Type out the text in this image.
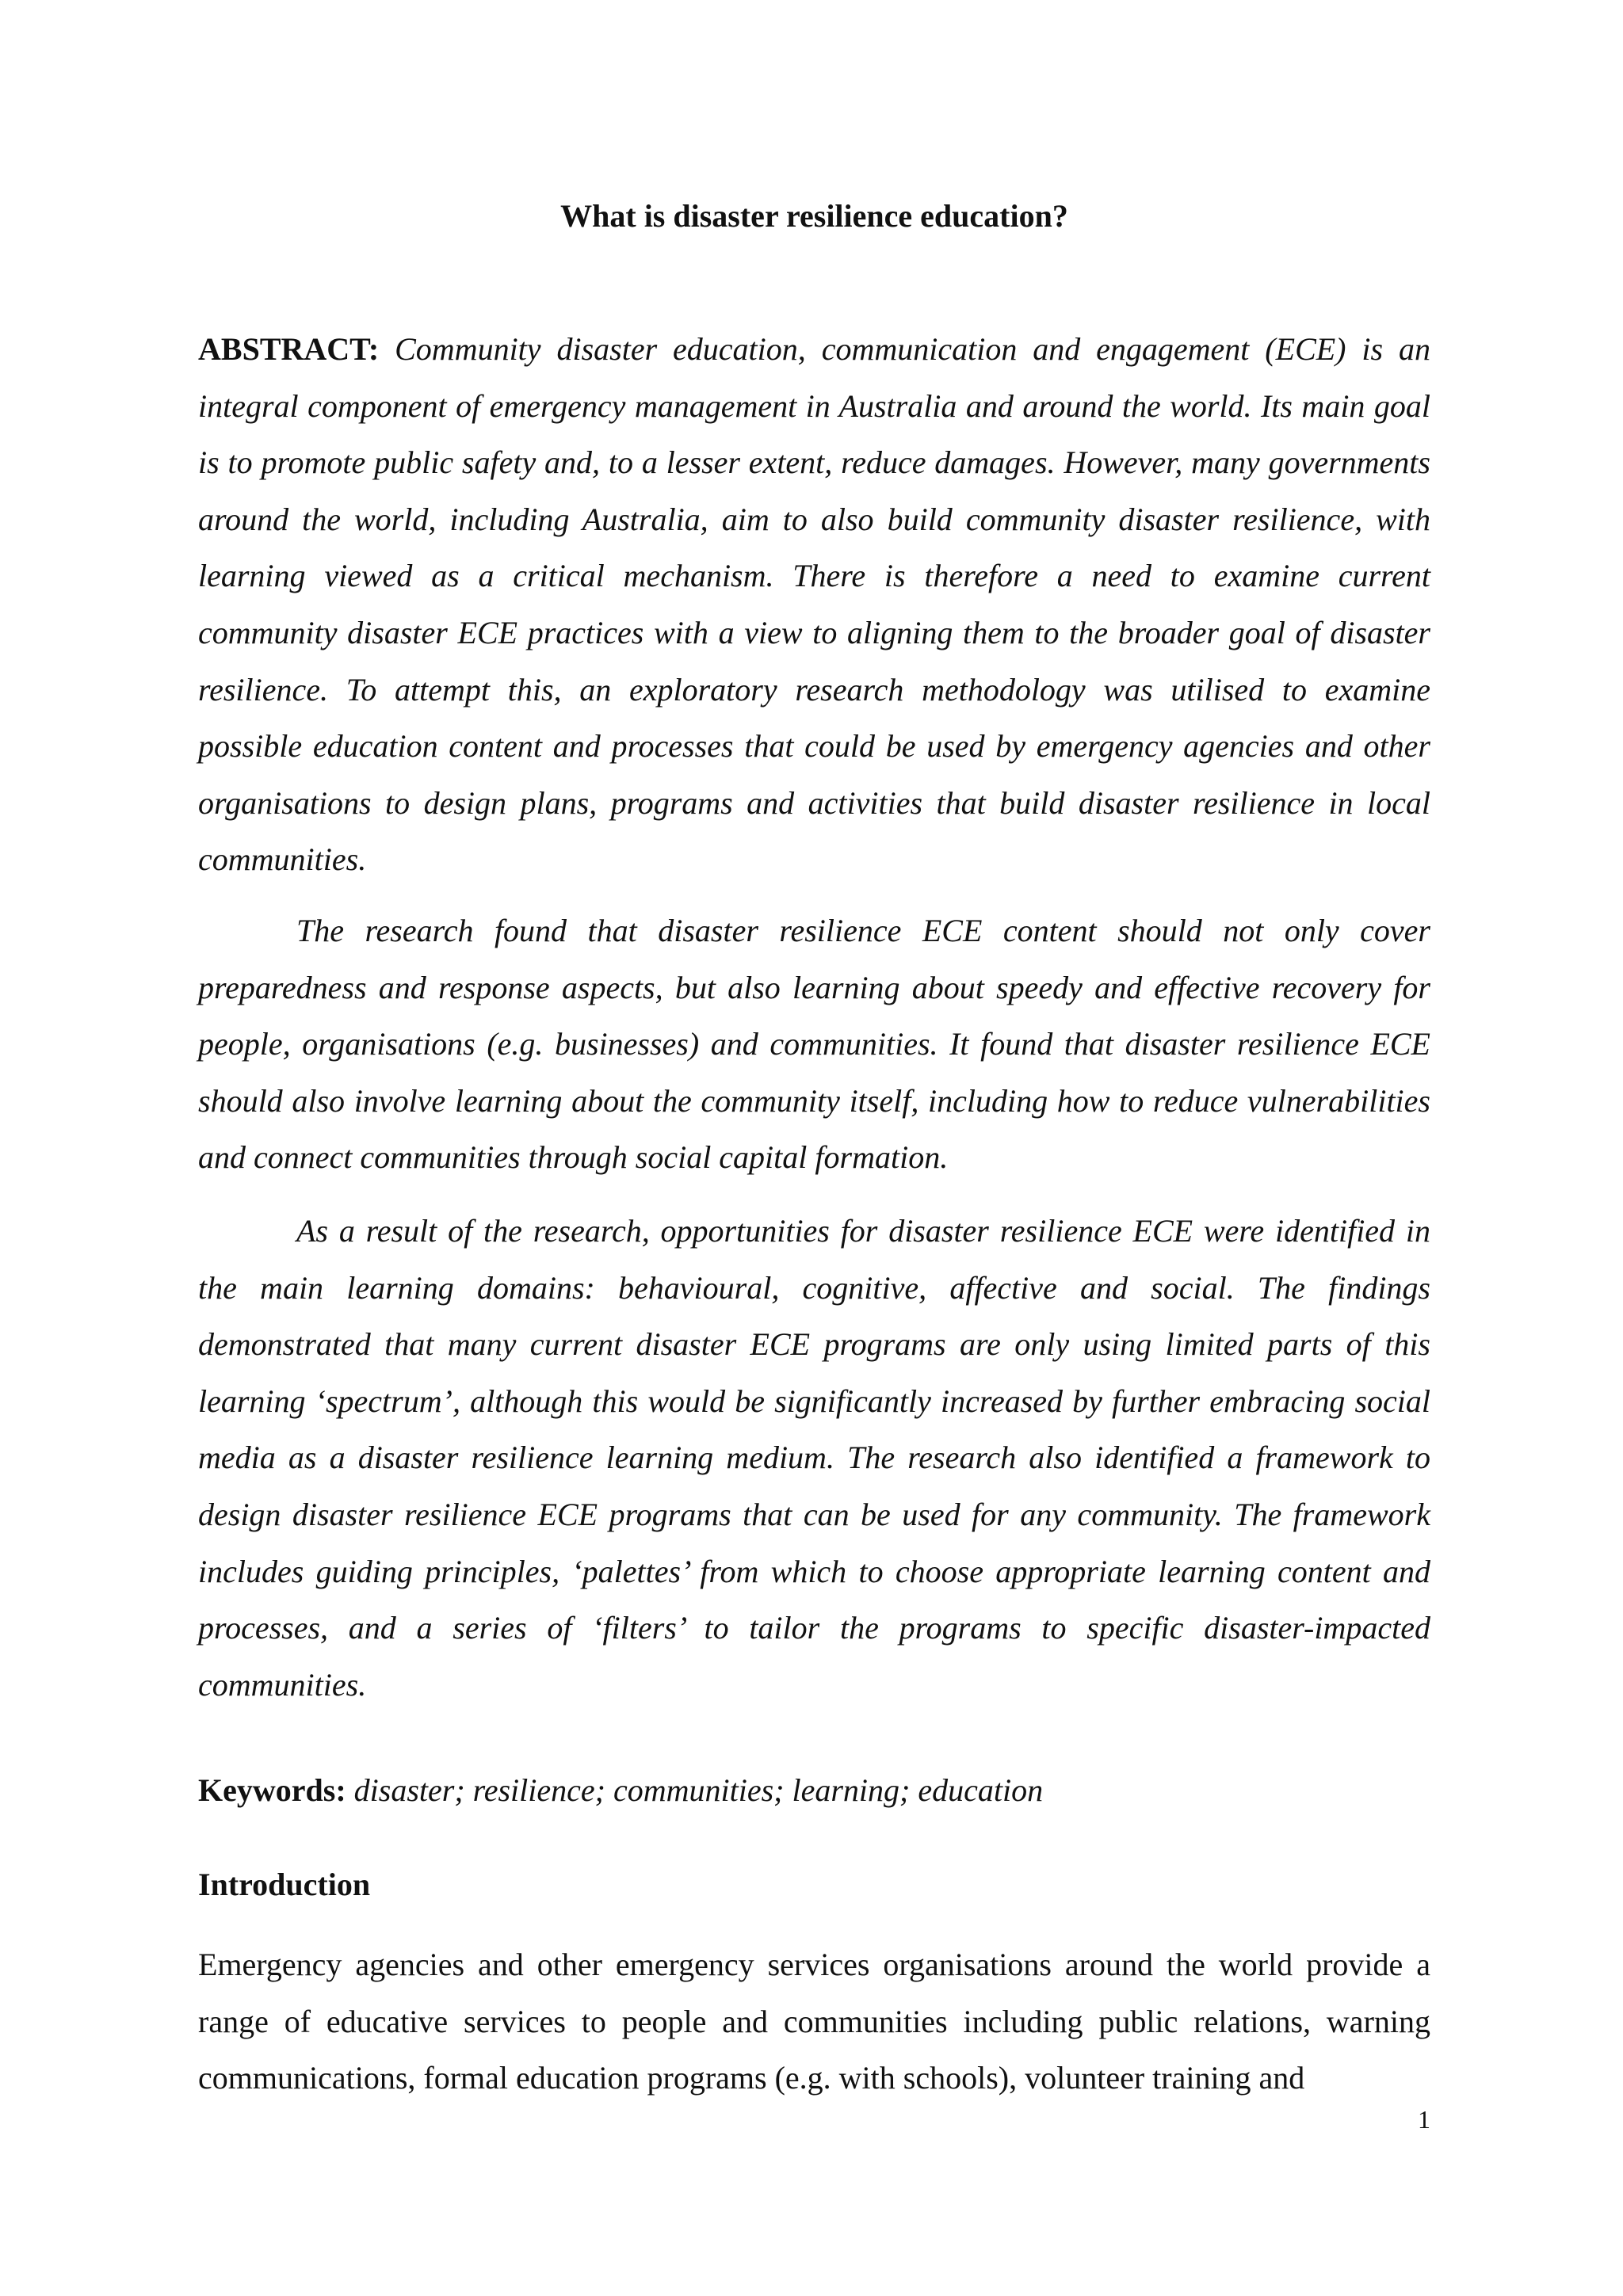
What is disaster resilience education?
ABSTRACT: Community disaster education, communication and engagement (ECE) is an integral component of emergency management in Australia and around the world. Its main goal is to promote public safety and, to a lesser extent, reduce damages. However, many governments around the world, including Australia, aim to also build community disaster resilience, with learning viewed as a critical mechanism. There is therefore a need to examine current community disaster ECE practices with a view to aligning them to the broader goal of disaster resilience. To attempt this, an exploratory research methodology was utilised to examine possible education content and processes that could be used by emergency agencies and other organisations to design plans, programs and activities that build disaster resilience in local communities.
The research found that disaster resilience ECE content should not only cover preparedness and response aspects, but also learning about speedy and effective recovery for people, organisations (e.g. businesses) and communities. It found that disaster resilience ECE should also involve learning about the community itself, including how to reduce vulnerabilities and connect communities through social capital formation.
As a result of the research, opportunities for disaster resilience ECE were identified in the main learning domains: behavioural, cognitive, affective and social. The findings demonstrated that many current disaster ECE programs are only using limited parts of this learning ‘spectrum’, although this would be significantly increased by further embracing social media as a disaster resilience learning medium. The research also identified a framework to design disaster resilience ECE programs that can be used for any community. The framework includes guiding principles, ‘palettes’ from which to choose appropriate learning content and processes, and a series of ‘filters’ to tailor the programs to specific disaster-impacted communities.
Keywords: disaster; resilience; communities; learning; education
Introduction
Emergency agencies and other emergency services organisations around the world provide a range of educative services to people and communities including public relations, warning communications, formal education programs (e.g. with schools), volunteer training and
1
